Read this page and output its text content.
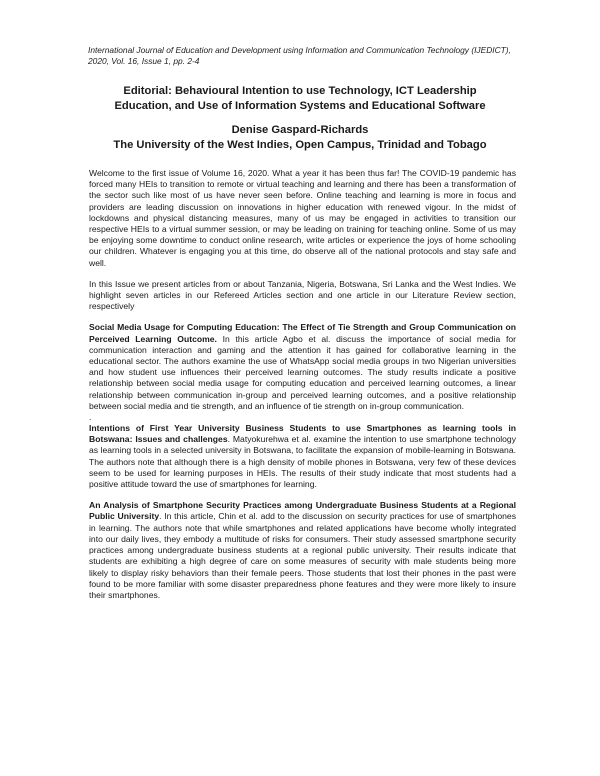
International Journal of Education and Development using Information and Communication Technology (IJEDICT), 2020, Vol. 16, Issue 1, pp. 2-4
Editorial: Behavioural Intention to use Technology, ICT Leadership
Education, and Use of Information Systems and Educational Software
Denise Gaspard-Richards
The University of the West Indies, Open Campus, Trinidad and Tobago

Welcome to the first issue of Volume 16, 2020. What a year it has been thus far! The COVID-19 pandemic has forced many HEIs to transition to remote or virtual teaching and learning and there has been a transformation of the sector such like most of us have never seen before. Online teaching and learning is more in focus and providers are leading discussion on innovations in higher education with renewed vigour. In the midst of lockdowns and physical distancing measures, many of us may be engaged in activities to transition our respective HEIs to a virtual summer session, or may be leading on training for teaching online. Some of us may be enjoying some downtime to conduct online research, write articles or experience the joys of home schooling our children. Whatever is engaging you at this time, do observe all of the national protocols and stay safe and well.

In this Issue we present articles from or about Tanzania, Nigeria, Botswana, Sri Lanka and the West Indies. We highlight seven articles in our Refereed Articles section and one article in our Literature Review section, respectively

Social Media Usage for Computing Education: The Effect of Tie Strength and Group Communication on Perceived Learning Outcome. In this article Agbo et al. discuss the importance of social media for communication interaction and gaming and the attention it has gained for collaborative learning in the educational sector. The authors examine the use of WhatsApp social media groups in two Nigerian universities and how student use influences their perceived learning outcomes. The study results indicate a positive relationship between social media usage for computing education and perceived learning outcomes, a linear relationship between communication in-group and perceived learning outcomes, and a positive relationship between social media and tie strength, and an influence of tie strength on in-group communication.

.

Intentions of First Year University Business Students to use Smartphones as learning tools in Botswana: Issues and challenges. Matyokurehwa et al. examine the intention to use smartphone technology as learning tools in a selected university in Botswana, to facilitate the expansion of mobile-learning in Botswana. The authors note that although there is a high density of mobile phones in Botswana, very few of these devices seem to be used for learning purposes in HEIs. The results of their study indicate that most students had a positive attitude toward the use of smartphones for learning.

An Analysis of Smartphone Security Practices among Undergraduate Business Students at a Regional Public University. In this article, Chin et al. add to the discussion on security practices for use of smartphones in learning. The authors note that while smartphones and related applications have become wholly integrated into our daily lives, they embody a multitude of risks for consumers. Their study assessed smartphone security practices among undergraduate business students at a regional public university. Their results indicate that students are exhibiting a high degree of care on some measures of security with male students being more likely to display risky behaviors than their female peers. Those students that lost their phones in the past were found to be more familiar with some disaster preparedness phone features and they were more likely to insure their smartphones.
